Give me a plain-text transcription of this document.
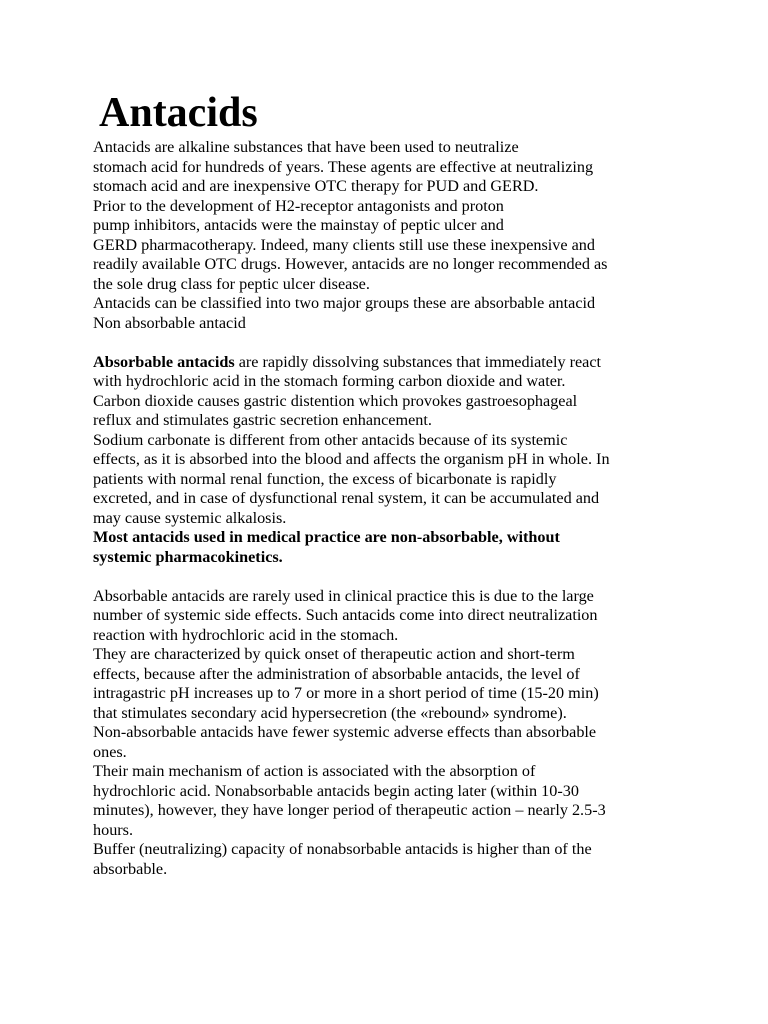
Antacids
Antacids are alkaline substances that have been used to neutralize
stomach acid for hundreds of years. These agents are effective at neutralizing
stomach acid and are inexpensive OTC therapy for PUD and GERD.
Prior to the development of H2-receptor antagonists and proton
pump inhibitors, antacids were the mainstay of peptic ulcer and
GERD pharmacotherapy. Indeed, many clients still use these inexpensive and
readily available OTC drugs. However, antacids are no longer recommended as
the sole drug class for peptic ulcer disease.
Antacids can be classified into two major groups these are absorbable antacid
Non absorbable antacid
Absorbable antacids are rapidly dissolving substances that immediately react
with hydrochloric acid in the stomach forming carbon dioxide and water.
Carbon dioxide causes gastric distention which provokes gastroesophageal
reflux and stimulates gastric secretion enhancement.
Sodium carbonate is different from other antacids because of its systemic
effects, as it is absorbed into the blood and affects the organism pH in whole. In
patients with normal renal function, the excess of bicarbonate is rapidly
excreted, and in case of dysfunctional renal system, it can be accumulated and
may cause systemic alkalosis.
Most antacids used in medical practice are non-absorbable, without
systemic pharmacokinetics.
Absorbable antacids are rarely used in clinical practice this is due to the large
number of systemic side effects. Such antacids come into direct neutralization
reaction with hydrochloric acid in the stomach.
They are characterized by quick onset of therapeutic action and short-term
effects, because after the administration of absorbable antacids, the level of
intragastric pH increases up to 7 or more in a short period of time (15-20 min)
that stimulates secondary acid hypersecretion (the «rebound» syndrome).
Non-absorbable antacids have fewer systemic adverse effects than absorbable
ones.
Their main mechanism of action is associated with the absorption of
hydrochloric acid. Nonabsorbable antacids begin acting later (within 10-30
minutes), however, they have longer period of therapeutic action – nearly 2.5-3
hours.
Buffer (neutralizing) capacity of nonabsorbable antacids is higher than of the
absorbable.
